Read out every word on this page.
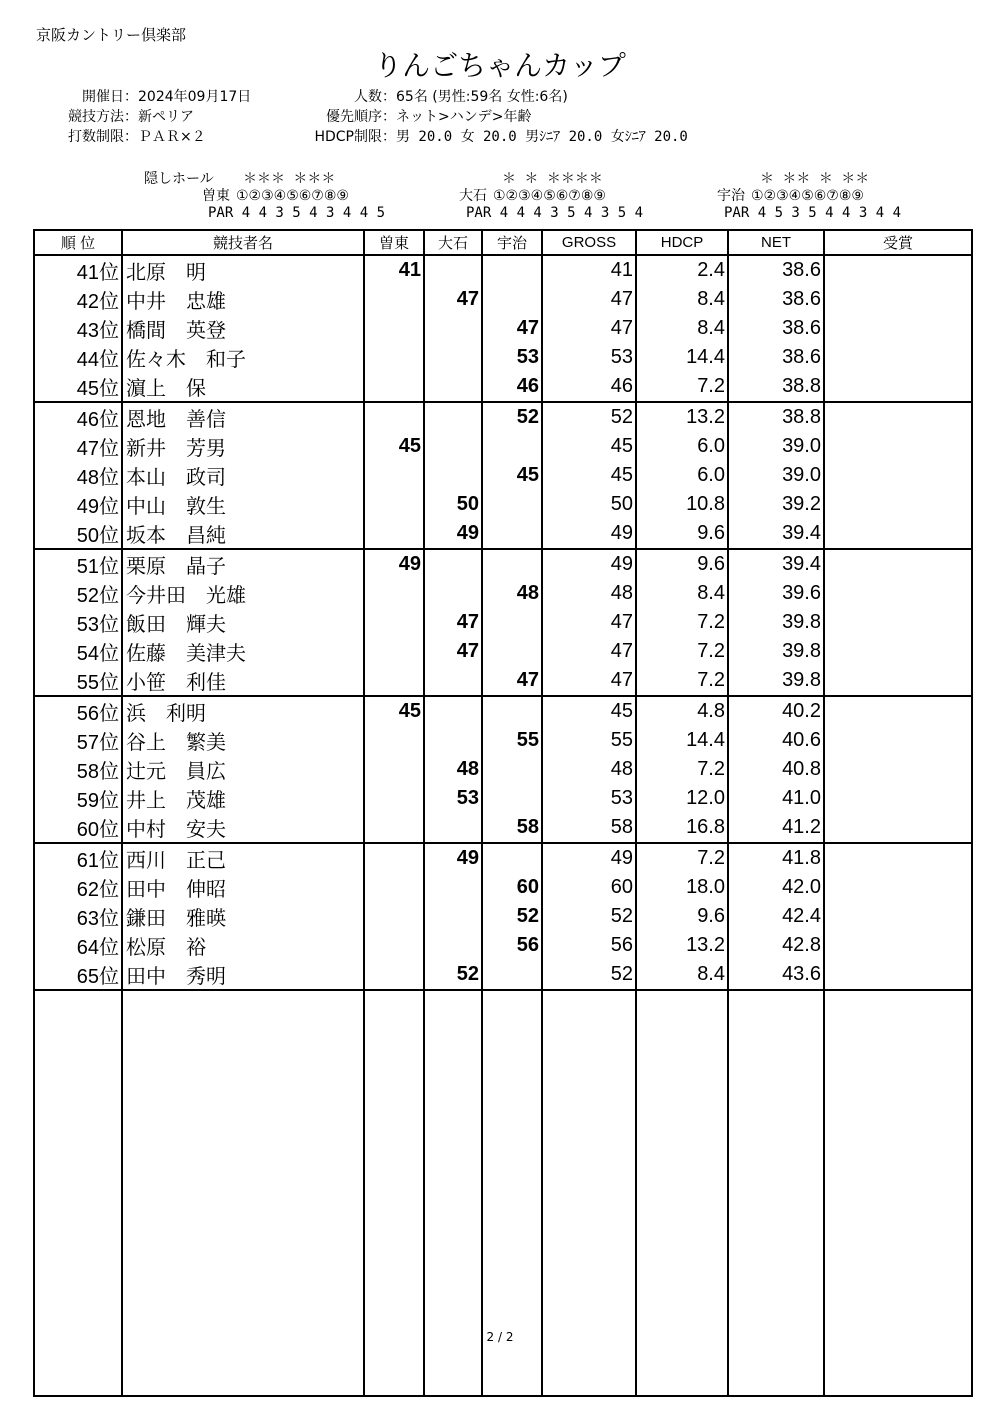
京阪カントリー倶楽部
りんごちゃんカップ
開催日：2024年09月17日
競技方法：新ペリア
打数制限：ＰＡＲ×２
人数：65名 (男性:59名 女性:6名)
優先順序：ネット>ハンデ>年齢
HDCP制限：男 20.0 女 20.0 男ｼﾆｱ 20.0 女ｼﾆｱ 20.0
隠しホール ＊＊＊ ＊＊＊
曽東 ①②③④⑤⑥⑦⑧⑨
PAR 4 4 3 5 4 3 4 4 5
＊ ＊ ＊＊＊＊
大石 ①②③④⑤⑥⑦⑧⑨
PAR 4 4 4 3 5 4 3 5 4
＊ ＊＊ ＊ ＊＊
宇治 ①②③④⑤⑥⑦⑧⑨
PAR 4 5 3 5 4 4 3 4 4
順 位	競技者名	曽東	大石	宇治	GROSS	HDCP	NET	受賞
41位	北原　明	41			41	2.4	38.6	
42位	中井　忠雄		47		47	8.4	38.6	
43位	橋間　英登			47	47	8.4	38.6	
44位	佐々木　和子			53	53	14.4	38.6	
45位	濵上　保			46	46	7.2	38.8	
46位	恩地　善信			52	52	13.2	38.8	
47位	新井　芳男	45			45	6.0	39.0	
48位	本山　政司			45	45	6.0	39.0	
49位	中山　敦生		50		50	10.8	39.2	
50位	坂本　昌純		49		49	9.6	39.4	
51位	栗原　晶子	49			49	9.6	39.4	
52位	今井田　光雄			48	48	8.4	39.6	
53位	飯田　輝夫		47		47	7.2	39.8	
54位	佐藤　美津夫		47		47	7.2	39.8	
55位	小笹　利佳			47	47	7.2	39.8	
56位	浜　利明	45			45	4.8	40.2	
57位	谷上　繁美			55	55	14.4	40.6	
58位	辻元　員広		48		48	7.2	40.8	
59位	井上　茂雄		53		53	12.0	41.0	
60位	中村　安夫			58	58	16.8	41.2	
61位	西川　正己		49		49	7.2	41.8	
62位	田中　伸昭			60	60	18.0	42.0	
63位	鎌田　雅暎			52	52	9.6	42.4	
64位	松原　裕			56	56	13.2	42.8	
65位	田中　秀明		52		52	8.4	43.6	

2 / 2
